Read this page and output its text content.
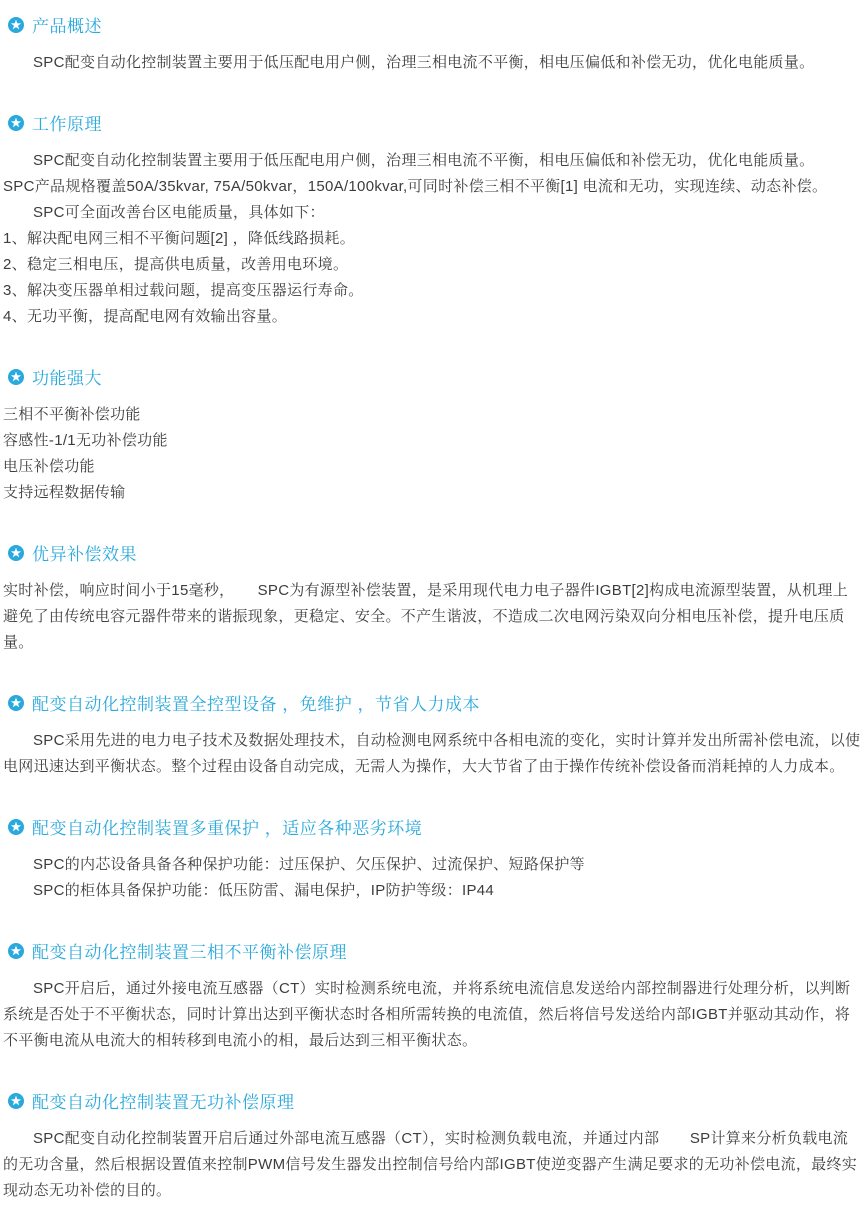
产品概述

SPC配变自动化控制装置主要用于低压配电用户侧，治理三相电流不平衡，相电压偏低和补偿无功，优化电能质量。

工作原理

SPC配变自动化控制装置主要用于低压配电用户侧，治理三相电流不平衡，相电压偏低和补偿无功，优化电能质量。　　SPC产品规格覆盖50A/35kvar, 75A/50kvar，150A/100kvar,可同时补偿三相不平衡[1] 电流和无功，实现连续、动态补偿。

SPC可全面改善台区电能质量，具体如下：

1、解决配电网三相不平衡问题[2] ，降低线路损耗。

2、稳定三相电压，提高供电质量，改善用电环境。

3、解决变压器单相过载问题，提高变压器运行寿命。

4、无功平衡，提高配电网有效输出容量。

功能强大

三相不平衡补偿功能

容感性-1/1无功补偿功能

电压补偿功能

支持远程数据传输

优异补偿效果

实时补偿，响应时间小于15毫秒，　　SPC为有源型补偿装置，是采用现代电力电子器件IGBT[2]构成电流源型装置，从机理上避免了由传统电容元器件带来的谐振现象，更稳定、安全。不产生谐波，不造成二次电网污染双向分相电压补偿，提升电压质量。

配变自动化控制装置全控型设备 ，免维护 ，节省人力成本

SPC采用先进的电力电子技术及数据处理技术，自动检测电网系统中各相电流的变化，实时计算并发出所需补偿电流，以使电网迅速达到平衡状态。整个过程由设备自动完成，无需人为操作，大大节省了由于操作传统补偿设备而消耗掉的人力成本。

配变自动化控制装置多重保护 ，适应各种恶劣环境

SPC的内芯设备具备各种保护功能：过压保护、欠压保护、过流保护、短路保护等

SPC的柜体具备保护功能：低压防雷、漏电保护，IP防护等级：IP44

配变自动化控制装置三相不平衡补偿原理

SPC开启后，通过外接电流互感器（CT）实时检测系统电流，并将系统电流信息发送给内部控制器进行处理分析，以判断系统是否处于不平衡状态，同时计算出达到平衡状态时各相所需转换的电流值，然后将信号发送给内部IGBT并驱动其动作，将不平衡电流从电流大的相转移到电流小的相，最后达到三相平衡状态。

配变自动化控制装置无功补偿原理

SPC配变自动化控制装置开启后通过外部电流互感器（CT），实时检测负载电流，并通过内部　　SP计算来分析负载电流的无功含量，然后根据设置值来控制PWM信号发生器发出控制信号给内部IGBT使逆变器产生满足要求的无功补偿电流，最终实现动态无功补偿的目的。
